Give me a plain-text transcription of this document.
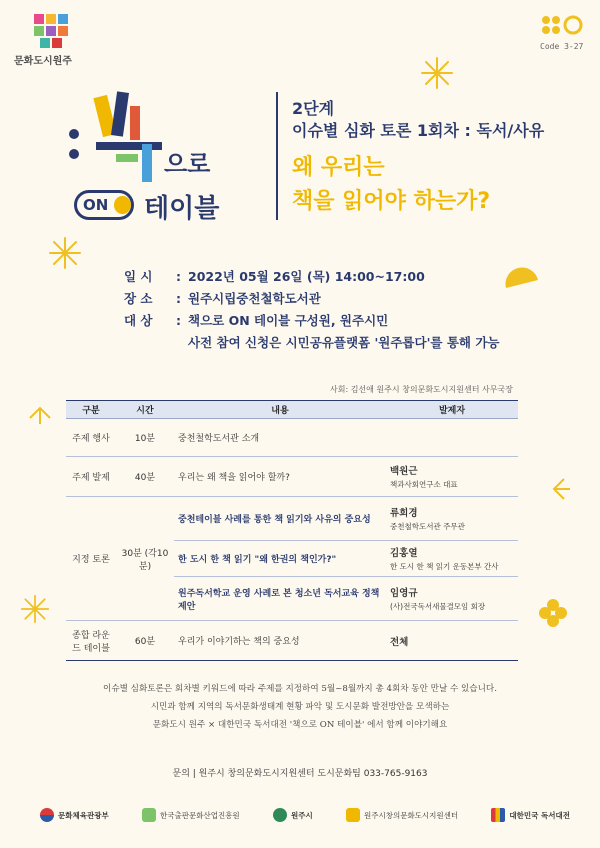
문화도시원주
Code 3-27
으로
ON 테이블
2단계
이슈별 심화 토론 1회차 : 독서/사유
왜 우리는
책을 읽어야 하는가?
일 시	: 2022년 05월 26일 (목) 14:00~17:00
장 소	: 원주시립중천철학도서관
대 상	: 책으로 ON 테이블 구성원, 원주시민
사전 참여 신청은 시민공유플랫폼 '원주롭다'를 통해 가능
사회: 김선애 원주시 창의문화도시지원센터 사무국장
구분	시간	내용	발제자
주제 행사	10분	중천철학도서관 소개	
주제 발제	40분	우리는 왜 책을 읽어야 할까?	백원근
책과사회연구소 대표

지정 토론	30분 (각10분)	중천테이블 사례를 통한 책 읽기와 사유의 중요성	류희경
중천철학도서관 주무관

		한 도시 한 책 읽기 "왜 한권의 책인가?"	김홍열
한 도시 한 책 읽기 운동본부 간사

		원주독서학교 운영 사례로 본 청소년 독서교육 정책 제안	임영규
(사)전국독서새물결모임 회장

종합 라운드 테이블	60분	우리가 이야기하는 책의 중요성	전체
이슈별 심화토론은 회차별 키워드에 따라 주제를 지정하여 5월~8월까지 총 4회차 동안 만날 수 있습니다.
시민과 함께 지역의 독서문화생태계 현황 파악 및 도시문화 발전방안을 모색하는
문화도시 원주 × 대한민국 독서대전 '책으로 ON 테이블' 에서 함께 이야기해요
문의 | 원주시 창의문화도시지원센터 도시문화팀 033-765-9163
문화체육관광부	한국출판문화산업진흥원	원주시	원주시창의문화도시지원센터	대한민국 독서대전
